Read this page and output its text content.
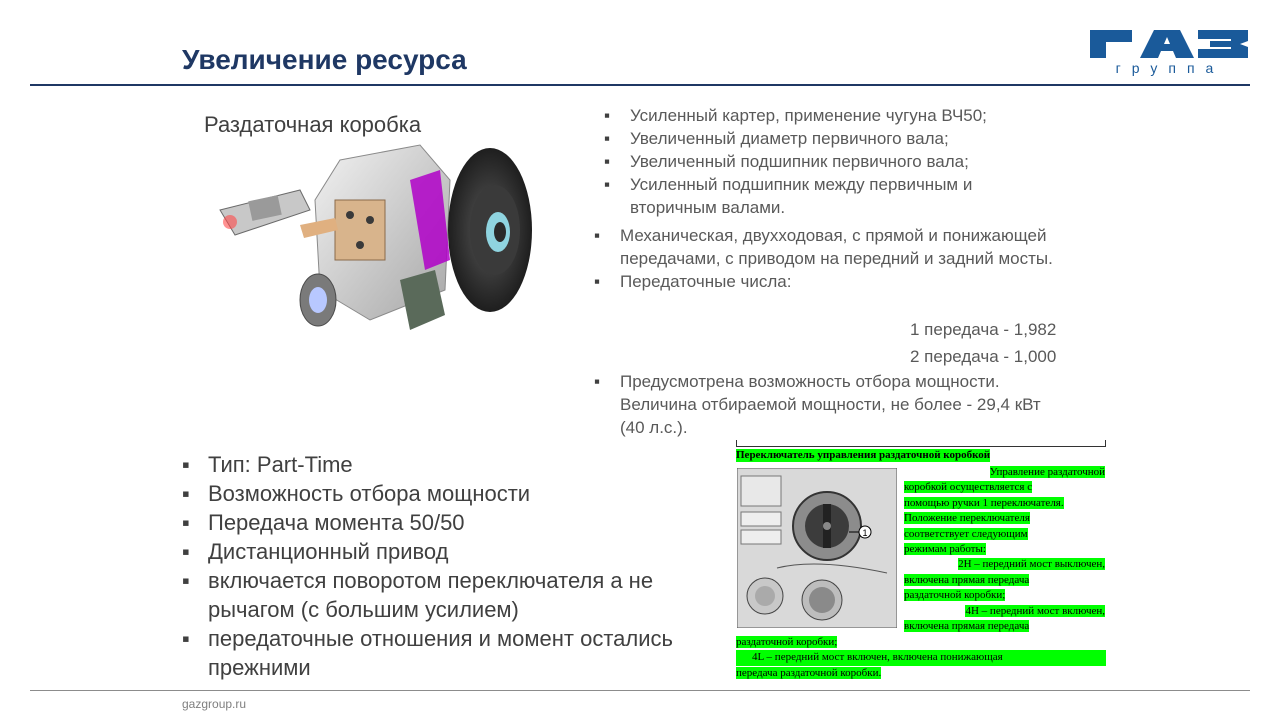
Увеличение ресурса	группа
Раздаточная коробка
▪	Усиленный картер, применение чугуна ВЧ50;
▪ Увеличенный диаметр первичного вала;
▪ Увеличенный подшипник первичного вала;
▪ Усиленный подшипник между первичным и вторичным валами.
▪ Механическая, двухходовая, с прямой и понижающей передачами, с приводом на передний и задний мосты.
▪ Передаточные числа:
1 передача - 1,982
2 передача - 1,000
▪ Предусмотрена возможность отбора мощности. Величина отбираемой мощности, не более - 29,4 кВт (40 л.с.).
▪ Тип: Part-Time
▪ Возможность отбора мощности
▪ Передача момента 50/50
▪ Дистанционный привод
▪ включается поворотом переключателя а не рычагом (с большим усилием)
▪ передаточные отношения и момент остались прежними
Переключатель управления раздаточной коробкой
1
Управление раздаточной
коробкой осуществляется с
помощью ручки 1 переключателя.
Положение переключателя
соответствует следующим
режимам работы:
2H – передний мост выключен,
включена прямая передача
раздаточной коробки;
4H – передний мост включен,
включена прямая передача
раздаточной коробки;
4L – передний мост включен, включена понижающая
передача раздаточной коробки.
gazgroup.ru
